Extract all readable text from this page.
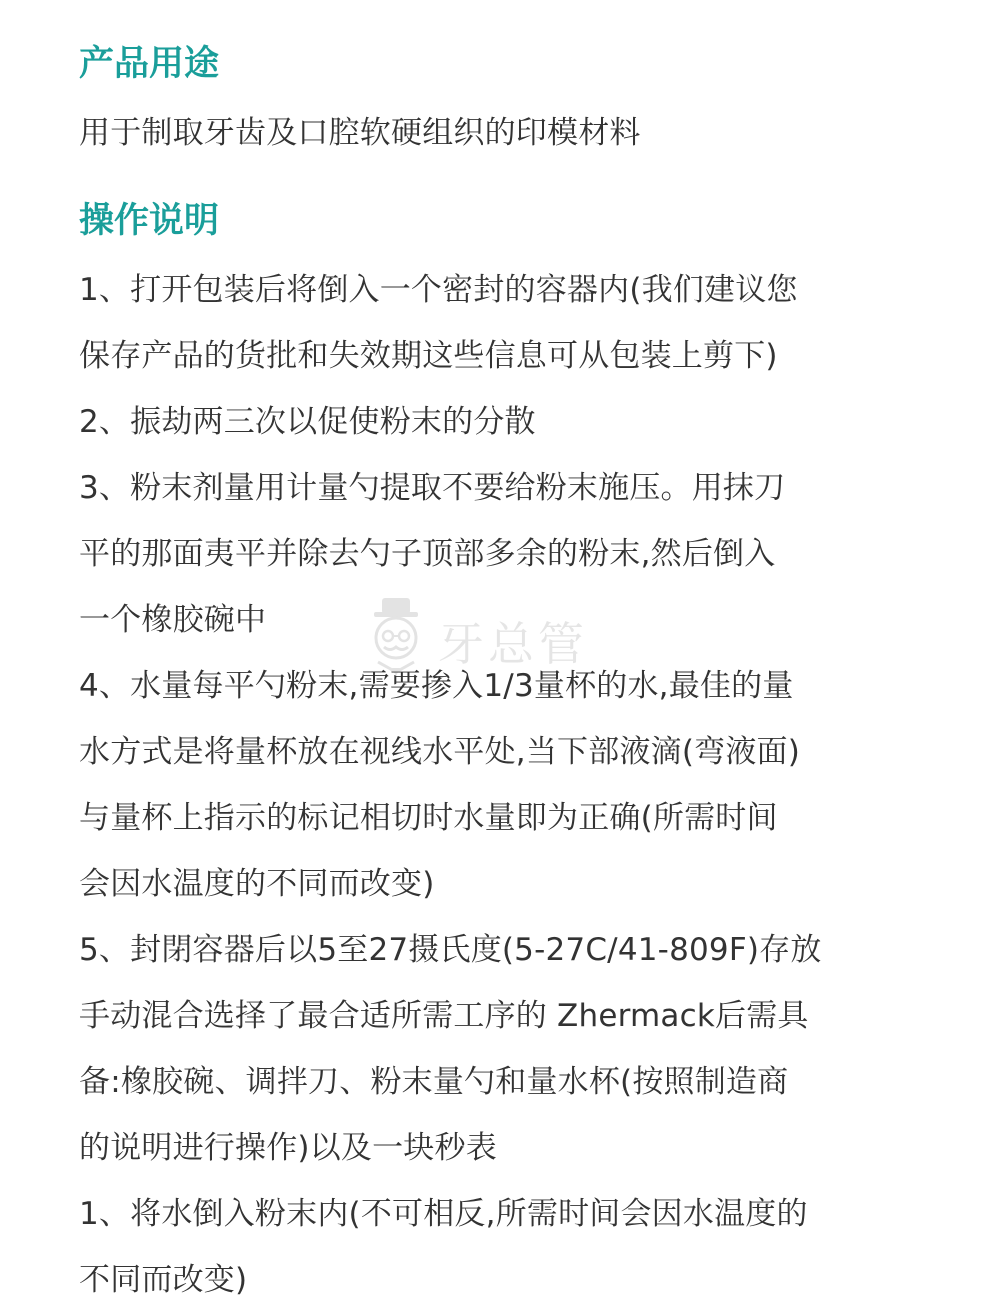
产品用途

用于制取牙齿及口腔软硬组织的印模材料

操作说明

1、打开包装后将倒入一个密封的容器内(我们建议您

保存产品的货批和失效期这些信息可从包装上剪下)

2、振劫两三次以促使粉末的分散

3、粉末剂量用计量勺提取不要给粉末施压。用抹刀

平的那面夷平并除去勺子顶部多余的粉末,然后倒入

一个橡胶碗中

4、水量每平勺粉末,需要掺入1/3量杯的水,最佳的量

水方式是将量杯放在视线水平处,当下部液滴(弯液面)

与量杯上指示的标记相切时水量即为正确(所需时间

会因水温度的不同而改变)

5、封閉容器后以5至27摄氏度(5-27C/41-809F)存放

手动混合选择了最合适所需工序的 Zhermack后需具

备:橡胶碗、调拌刀、粉末量勺和量水杯(按照制造商

的说明进行操作)以及一块秒表

1、将水倒入粉末内(不可相反,所需时间会因水温度的

不同而改变)

牙总管
